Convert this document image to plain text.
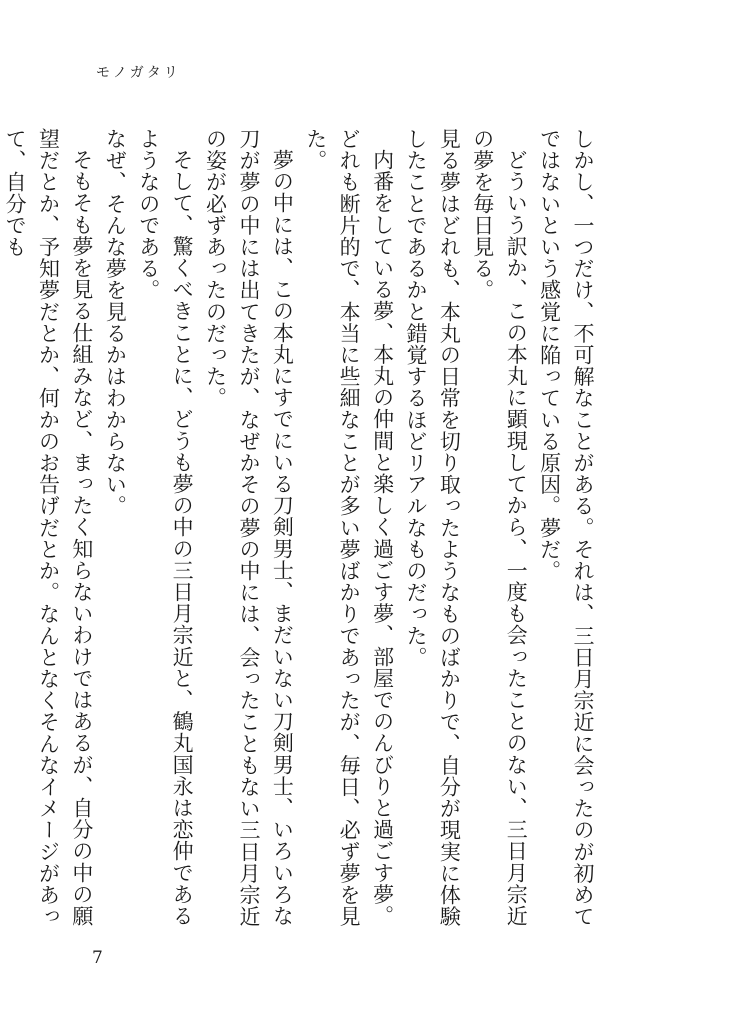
モノガタリ

しかし、一つだけ、不可解なことがある。それは、三日月宗近に会ったのが初めてではないという感覚に陥っている原因。夢だ。

どういう訳か、この本丸に顕現してから、一度も会ったことのない、三日月宗近の夢を毎日見る。

見る夢はどれも、本丸の日常を切り取ったようなものばかりで、自分が現実に体験したことであるかと錯覚するほどリアルなものだった。

内番をしている夢、本丸の仲間と楽しく過ごす夢、部屋でのんびりと過ごす夢。どれも断片的で、本当に些細なことが多い夢ばかりであったが、毎日、必ず夢を見た。

夢の中には、この本丸にすでにいる刀剣男士、まだいない刀剣男士、いろいろな刀が夢の中には出てきたが、なぜかその夢の中には、会ったこともない三日月宗近の姿が必ずあったのだった。

そして、驚くべきことに、どうも夢の中の三日月宗近と、鶴丸国永は恋仲であるようなのである。

なぜ、そんな夢を見るかはわからない。

そもそも夢を見る仕組みなど、まったく知らないわけではあるが、自分の中の願望だとか、予知夢だとか、何かのお告げだとか。なんとなくそんなイメージがあって、自分でも

7
